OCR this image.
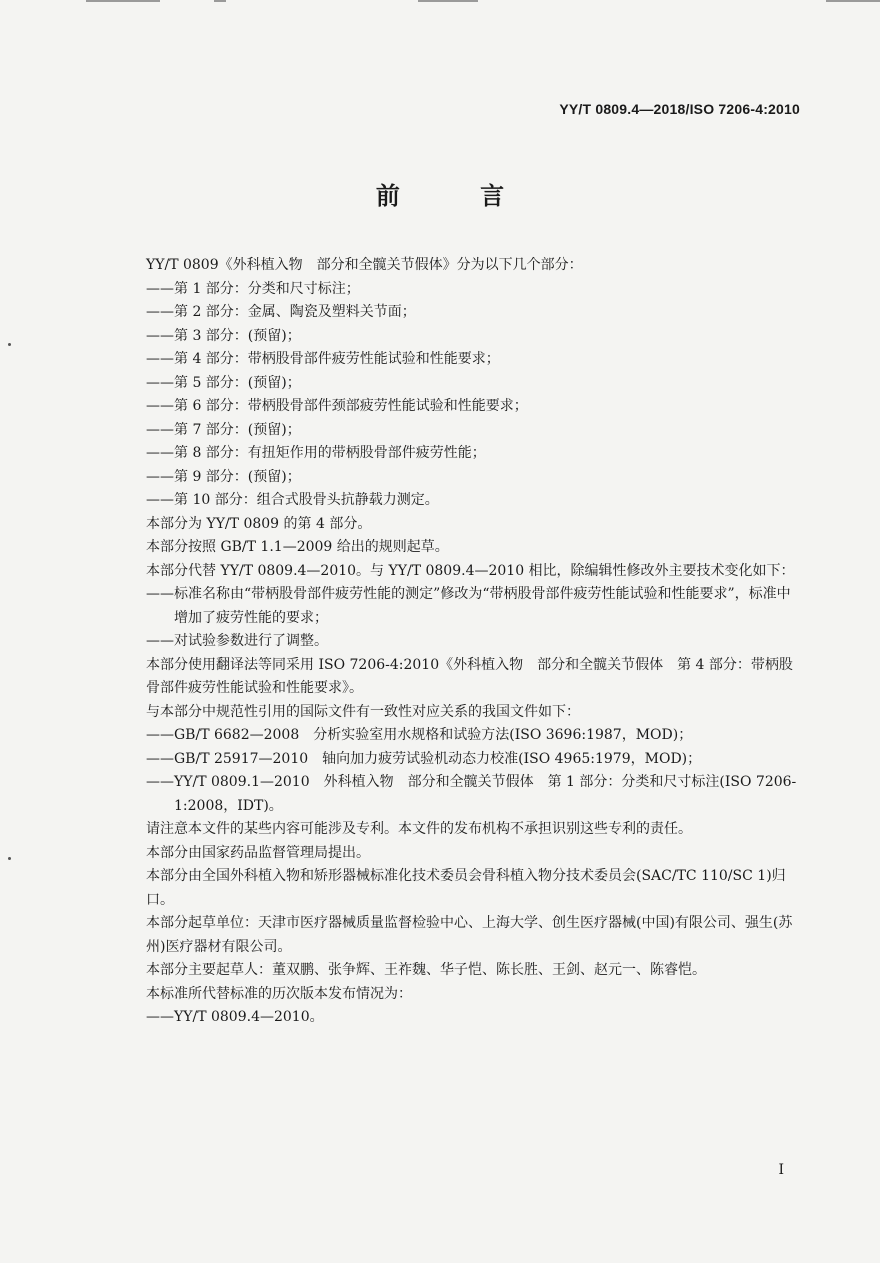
YY/T 0809.4—2018/ISO 7206-4:2010
前 言

YY/T 0809《外科植入物　部分和全髋关节假体》分为以下几个部分：

——第 1 部分：分类和尺寸标注；

——第 2 部分：金属、陶瓷及塑料关节面；

——第 3 部分：(预留)；

——第 4 部分：带柄股骨部件疲劳性能试验和性能要求；

——第 5 部分：(预留)；

——第 6 部分：带柄股骨部件颈部疲劳性能试验和性能要求；

——第 7 部分：(预留)；

——第 8 部分：有扭矩作用的带柄股骨部件疲劳性能；

——第 9 部分：(预留)；

——第 10 部分：组合式股骨头抗静载力测定。

本部分为 YY/T 0809 的第 4 部分。

本部分按照 GB/T 1.1—2009 给出的规则起草。

本部分代替 YY/T 0809.4—2010。与 YY/T 0809.4—2010 相比，除编辑性修改外主要技术变化如下：

——标准名称由“带柄股骨部件疲劳性能的测定”修改为“带柄股骨部件疲劳性能试验和性能要求”，标准中增加了疲劳性能的要求；

——对试验参数进行了调整。

本部分使用翻译法等同采用 ISO 7206-4:2010《外科植入物　部分和全髋关节假体　第 4 部分：带柄股骨部件疲劳性能试验和性能要求》。

与本部分中规范性引用的国际文件有一致性对应关系的我国文件如下：

——GB/T 6682—2008　分析实验室用水规格和试验方法(ISO 3696:1987，MOD)；

——GB/T 25917—2010　轴向加力疲劳试验机动态力校准(ISO 4965:1979，MOD)；

——YY/T 0809.1—2010　外科植入物　部分和全髋关节假体　第 1 部分：分类和尺寸标注(ISO 7206-1:2008，IDT)。

请注意本文件的某些内容可能涉及专利。本文件的发布机构不承担识别这些专利的责任。

本部分由国家药品监督管理局提出。

本部分由全国外科植入物和矫形器械标准化技术委员会骨科植入物分技术委员会(SAC/TC 110/SC 1)归口。

本部分起草单位：天津市医疗器械质量监督检验中心、上海大学、创生医疗器械(中国)有限公司、强生(苏州)医疗器材有限公司。

本部分主要起草人：董双鹏、张争辉、王祚魏、华子恺、陈长胜、王剑、赵元一、陈睿恺。

本标准所代替标准的历次版本发布情况为：

——YY/T 0809.4—2010。

I
